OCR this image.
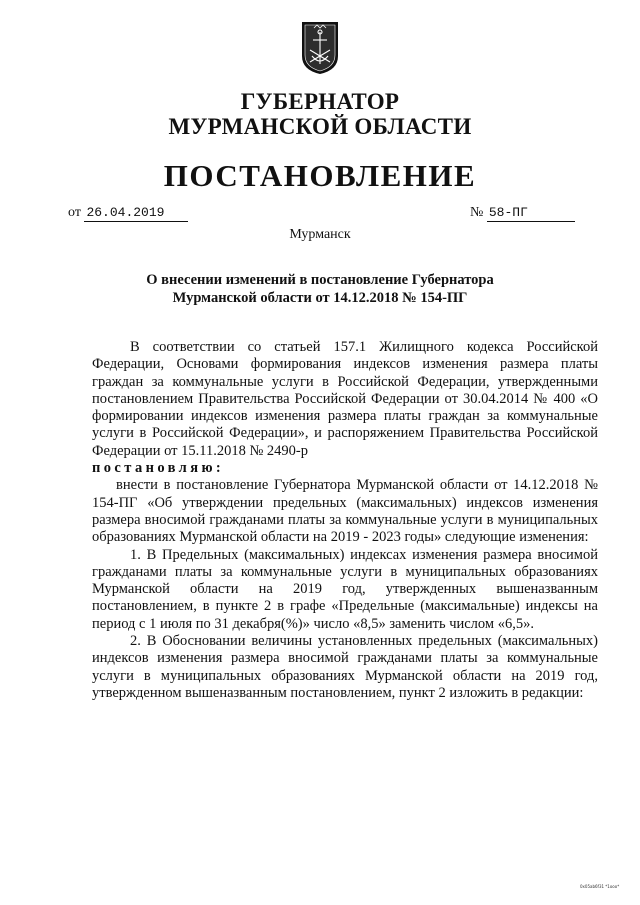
ГУБЕРНАТОР
МУРМАНСКОЙ ОБЛАСТИ
ПОСТАНОВЛЕНИЕ
от 26.04.2019	№ 58-ПГ
Мурманск
О внесении изменений в постановление Губернатора
Мурманской области от 14.12.2018 № 154-ПГ

В соответствии со статьей 157.1 Жилищного кодекса Российской Федерации, Основами формирования индексов изменения размера платы граждан за коммунальные услуги в Российской Федерации, утвержденными постановлением Правительства Российской Федерации от 30.04.2014 № 400 «О формировании индексов изменения размера платы граждан за коммунальные услуги в Российской Федерации», и распоряжением Правительства Российской Федерации от 15.11.2018 № 2490-р

постановляю:

внести в постановление Губернатора Мурманской области от 14.12.2018 № 154-ПГ «Об утверждении предельных (максимальных) индексов изменения размера вносимой гражданами платы за коммунальные услуги в муниципальных образованиях Мурманской области на 2019 - 2023 годы» следующие изменения:

1. В Предельных (максимальных) индексах изменения размера вносимой гражданами платы за коммунальные услуги в муниципальных образованиях Мурманской области на 2019 год, утвержденных вышеназванным постановлением, в пункте 2 в графе «Предельные (максимальные) индексы на период с 1 июля по 31 декабря(%)» число «8,5» заменить числом «6,5».

2. В Обосновании величины установленных предельных (максимальных) индексов изменения размера вносимой гражданами платы за коммунальные услуги в муниципальных образованиях Мурманской области на 2019 год, утвержденном вышеназванным постановлением, пункт 2 изложить в редакции:

0x05ab6f31 *1ooo*
